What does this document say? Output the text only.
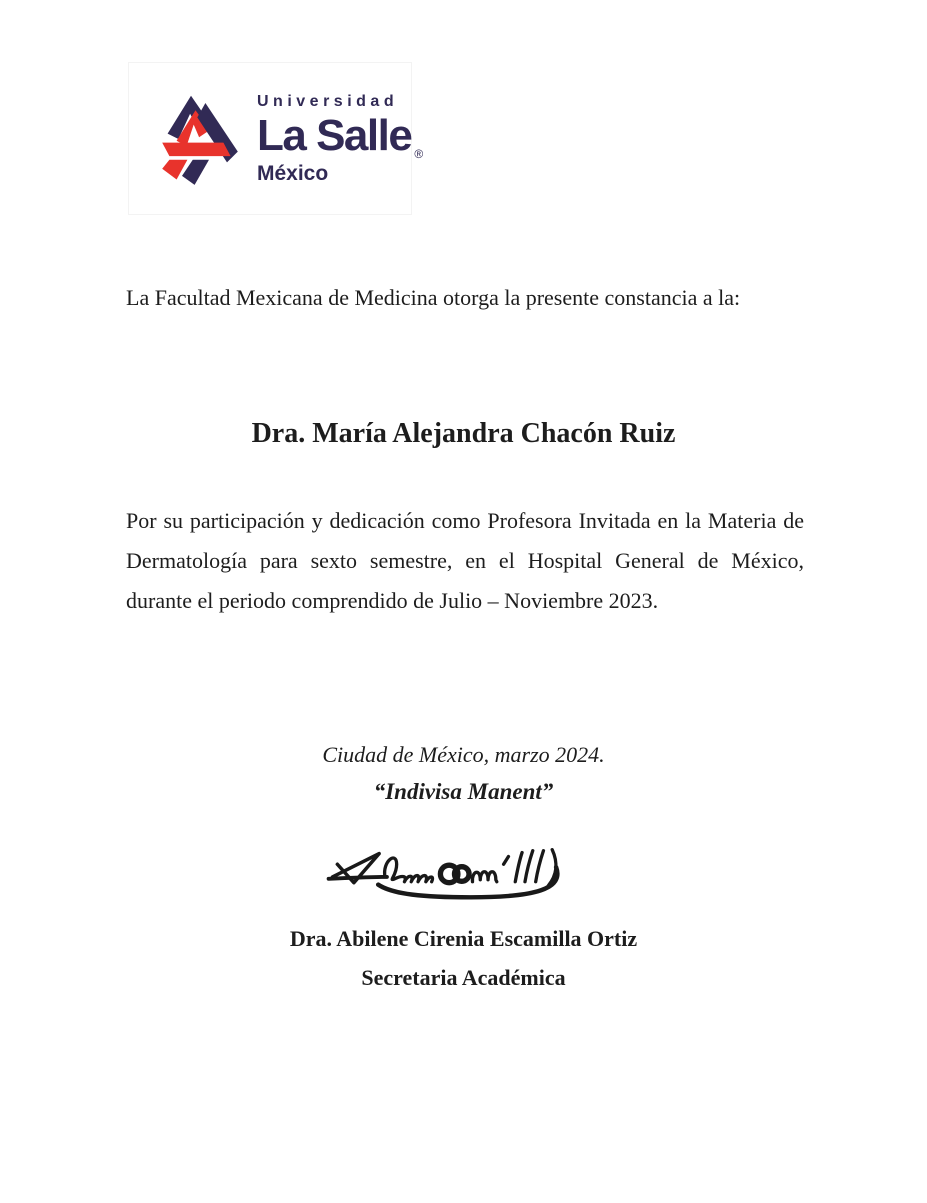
Universidad
La Salle ®
México

La Facultad Mexicana de Medicina otorga la presente constancia a la:

Dra. María Alejandra Chacón Ruiz

Por su participación y dedicación como Profesora Invitada en la Materia de Dermatología para sexto semestre, en el Hospital General de México, durante el periodo comprendido de Julio – Noviembre 2023.

Ciudad de México, marzo 2024.

“Indivisa Manent”

Dra. Abilene Cirenia Escamilla Ortiz

Secretaria Académica
